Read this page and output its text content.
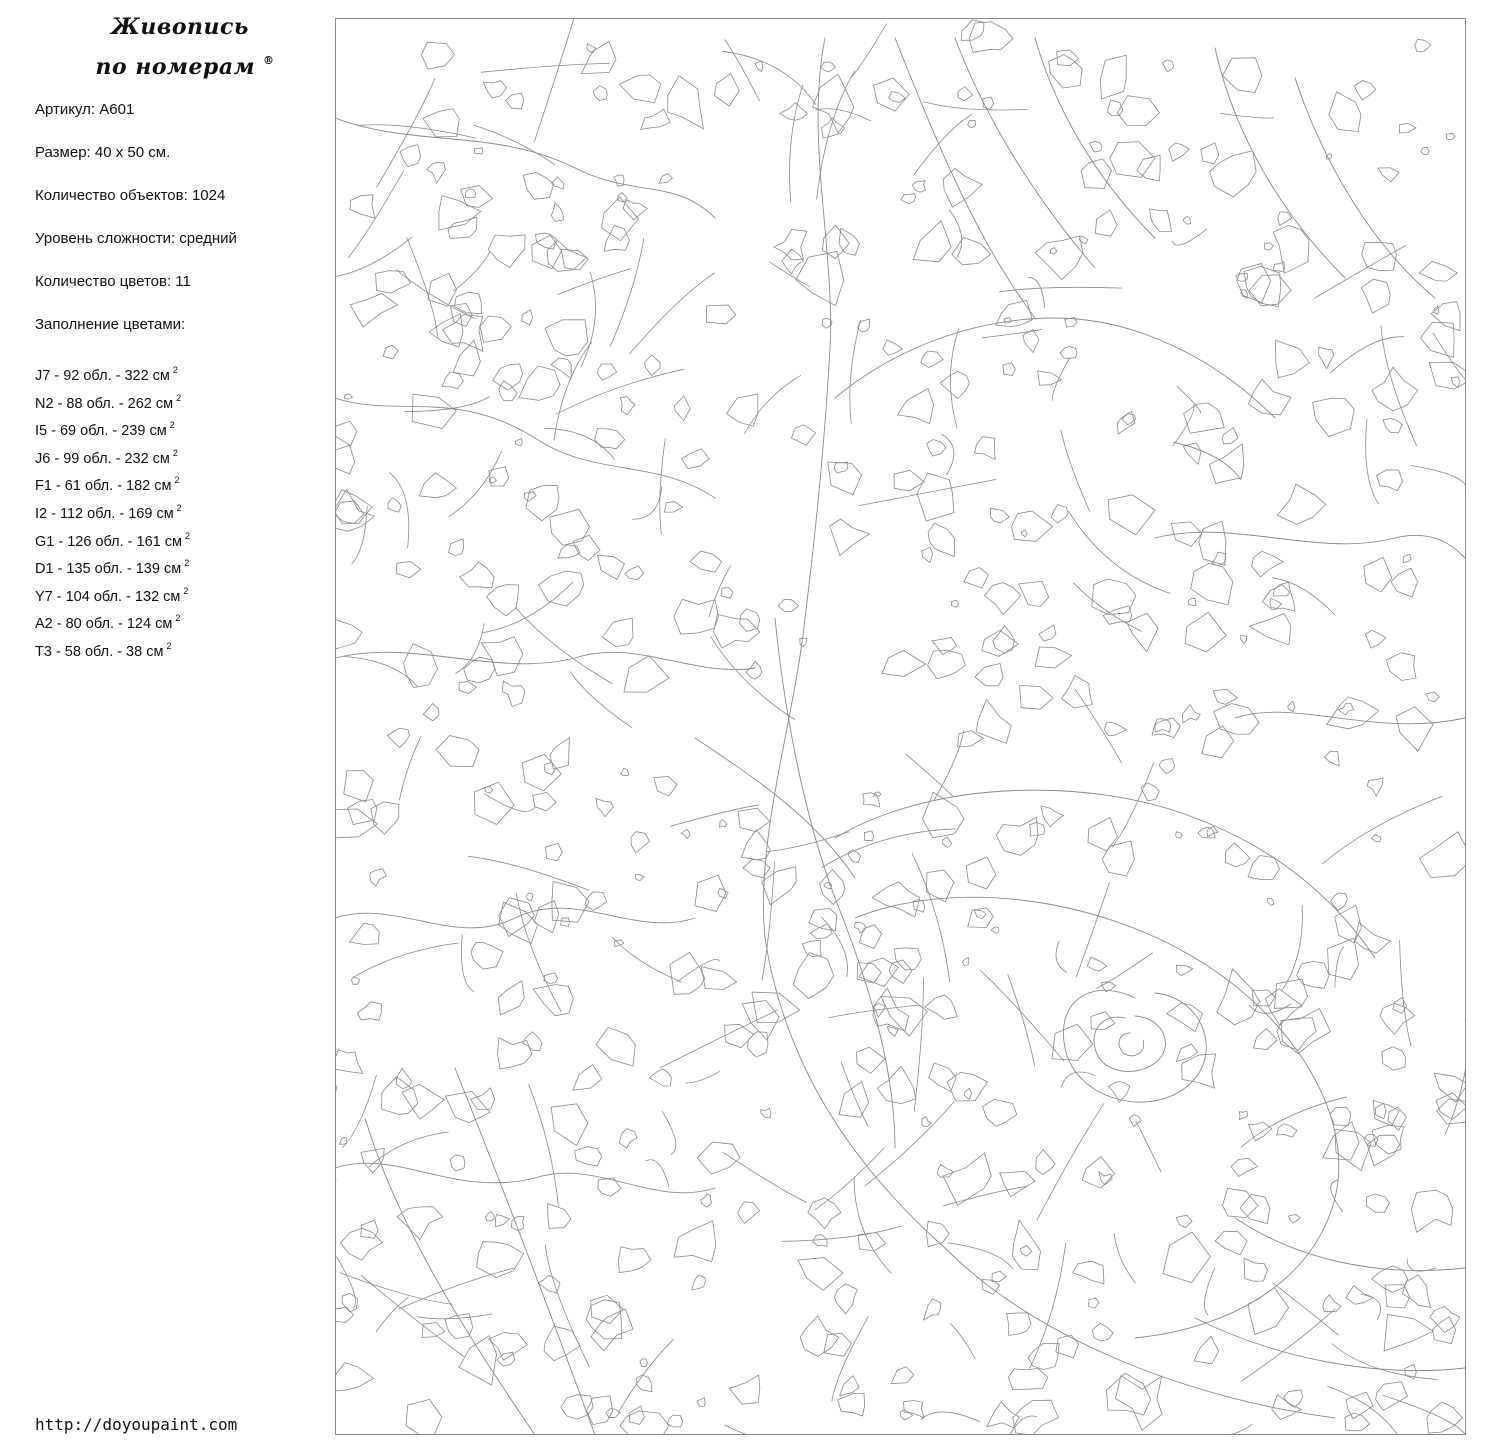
Живопись
по номерам ®
Артикул: A601
Размер: 40 x 50 см.
Количество объектов: 1024
Уровень сложности: средний
Количество цветов: 11
Заполнение цветами:
J7 - 92 обл. - 322 см $^2$
N2 - 88 обл. - 262 см $^2$
I5 - 69 обл. - 239 см $^2$
J6 - 99 обл. - 232 см $^2$
F1 - 61 обл. - 182 см $^2$
I2 - 112 обл. - 169 см $^2$
G1 - 126 обл. - 161 см $^2$
D1 - 135 обл. - 139 см $^2$
Y7 - 104 обл. - 132 см $^2$
A2 - 80 обл. - 124 см $^2$
T3 - 58 обл. - 38 см $^2$
http://doyoupaint.com
